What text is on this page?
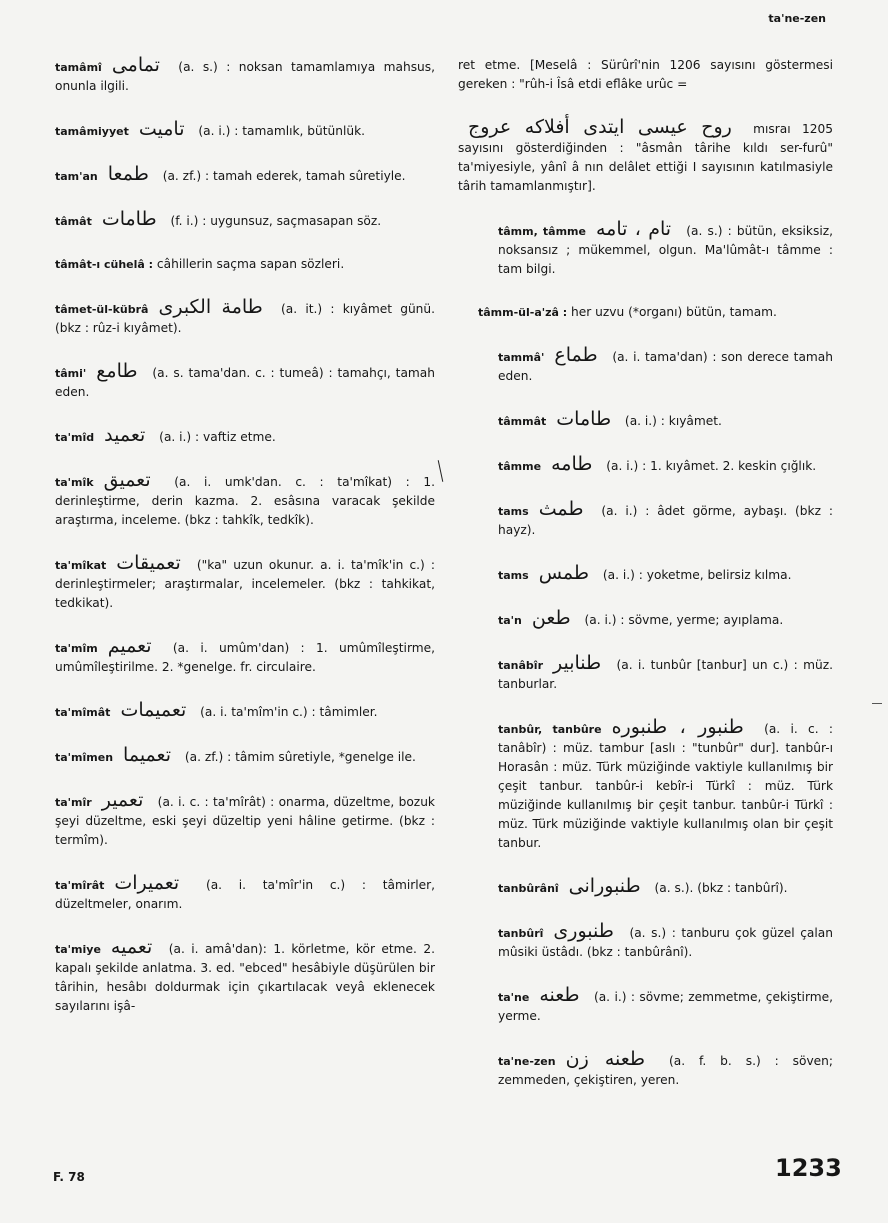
ta'ne-zen

tamâmî تمامی (a. s.) : noksan tamamlamıya mahsus, onunla ilgili.

tamâmiyyet تامیت (a. i.) : tamamlık, bütünlük.

tam'an طمعا (a. zf.) : tamah ederek, tamah sûretiyle.

tâmât طامات (f. i.) : uygunsuz, saçmasapan söz.

tâmât-ı cühelâ : câhillerin saçma sapan sözleri.

tâmet-ül-kübrâ طامة الكبرى (a. it.) : kıyâmet günü. (bkz : rûz-i kıyâmet).

tâmi' طامع (a. s. tama'dan. c. : tumeâ) : tamahçı, tamah eden.

ta'mîd تعمید (a. i.) : vaftiz etme.

ta'mîk تعمیق (a. i. umk'dan. c. : ta'mîkat) : 1. derinleştirme, derin kazma. 2. esâsına varacak şekilde araştırma, inceleme. (bkz : tahkîk, tedkîk).

ta'mîkat تعمیقات ("ka" uzun okunur. a. i. ta'mîk'in c.) : derinleştirmeler; araştırmalar, incelemeler. (bkz : tahkikat, tedkikat).

ta'mîm تعمیم (a. i. umûm'dan) : 1. umûmîleştirme, umûmîleştirilme. 2. *genelge. fr. circulaire.

ta'mîmât تعمیمات (a. i. ta'mîm'in c.) : tâmimler.

ta'mîmen تعمیما (a. zf.) : tâmim sûretiyle, *genelge ile.

ta'mîr تعمیر (a. i. c. : ta'mîrât) : onarma, düzeltme, bozuk şeyi düzeltme, eski şeyi düzeltip yeni hâline getirme. (bkz : termîm).

ta'mîrât تعمیرات (a. i. ta'mîr'in c.) : tâmirler, düzeltmeler, onarım.

ta'miye تعمیه (a. i. amâ'dan): 1. körletme, kör etme. 2. kapalı şekilde anlatma. 3. ed. "ebced" hesâbiyle düşürülen bir târihin, hesâbı doldurmak için çıkartılacak veyâ eklenecek sayılarını işâ-

ret etme. [Meselâ : Sürûrî'nin 1206 sayısını göstermesi gereken : "rûh-i Îsâ etdi eflâke urûc =

روح عیسی ایتدی أفلاکه عروج mısraı 1205 sayısını gösterdiğinden : "âsmân târihe kıldı ser-furû" ta'miyesiyle, yânî â nın delâlet ettiği I sayısının katılmasiyle târih tamamlanmıştır].

tâmm, tâmme تام ، تامه (a. s.) : bütün, eksiksiz, noksansız ; mükemmel, olgun. Ma'lûmât-ı tâmme : tam bilgi.

tâmm-ül-a'zâ : her uzvu (*organı) bütün, tamam.

tammâ' طماع (a. i. tama'dan) : son derece tamah eden.

tâmmât طامات (a. i.) : kıyâmet.

tâmme طامه (a. i.) : 1. kıyâmet. 2. keskin çığlık.

tams طمث (a. i.) : âdet görme, aybaşı. (bkz : hayz).

tams طمس (a. i.) : yoketme, belirsiz kılma.

ta'n طعن (a. i.) : sövme, yerme; ayıplama.

tanâbîr طنابیر (a. i. tunbûr [tanbur] un c.) : müz. tanburlar.

tanbûr, tanbûre طنبور ، طنبوره (a. i. c. : tanâbîr) : müz. tambur [aslı : "tunbûr" dur]. tanbûr-ı Horasân : müz. Türk müziğinde vaktiyle kullanılmış bir çeşit tanbur. tanbûr-i kebîr-i Türkî : müz. Türk müziğinde kullanılmış bir çeşit tanbur. tanbûr-i Türkî : müz. Türk müziğinde vaktiyle kullanılmış olan bir çeşit tanbur.

tanbûrânî طنبورانی (a. s.). (bkz : tanbûrî).

tanbûrî طنبوری (a. s.) : tanburu çok güzel çalan mûsiki üstâdı. (bkz : tanbûrânî).

ta'ne طعنه (a. i.) : sövme; zemmetme, çekiştirme, yerme.

ta'ne-zen طعنه زن (a. f. b. s.) : söven; zemmeden, çekiştiren, yeren.

F. 78	1233
